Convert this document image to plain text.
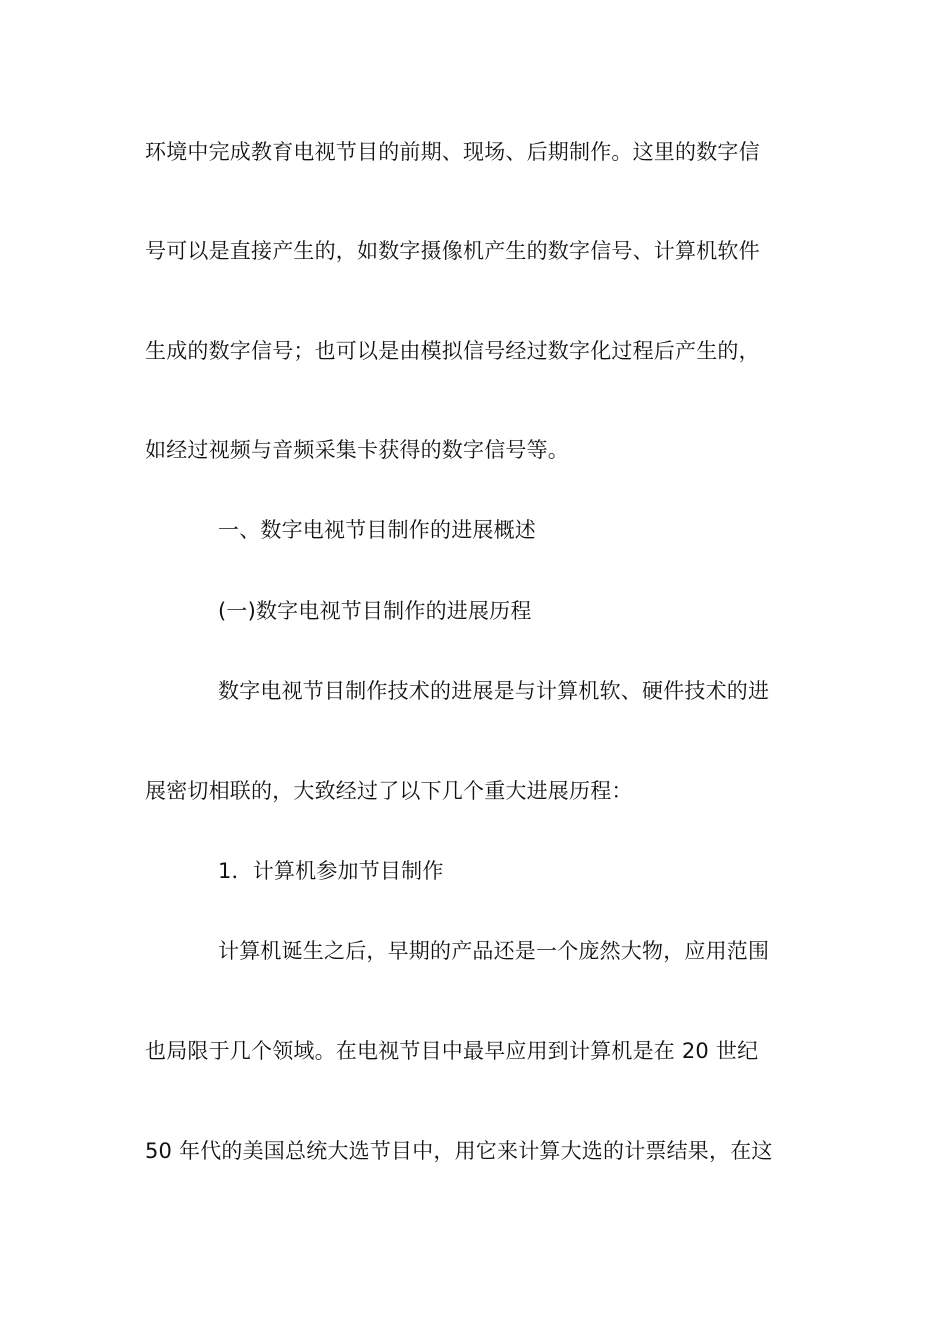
环境中完成教育电视节目的前期、现场、后期制作。这里的数字信
号可以是直接产生的，如数字摄像机产生的数字信号、计算机软件
生成的数字信号；也可以是由模拟信号经过数字化过程后产生的，
如经过视频与音频采集卡获得的数字信号等。
一、数字电视节目制作的进展概述
(一)数字电视节目制作的进展历程
数字电视节目制作技术的进展是与计算机软、硬件技术的进
展密切相联的，大致经过了以下几个重大进展历程：
1．计算机参加节目制作
计算机诞生之后，早期的产品还是一个庞然大物，应用范围
也局限于几个领域。在电视节目中最早应用到计算机是在 20 世纪
50 年代的美国总统大选节目中，用它来计算大选的计票结果，在这
